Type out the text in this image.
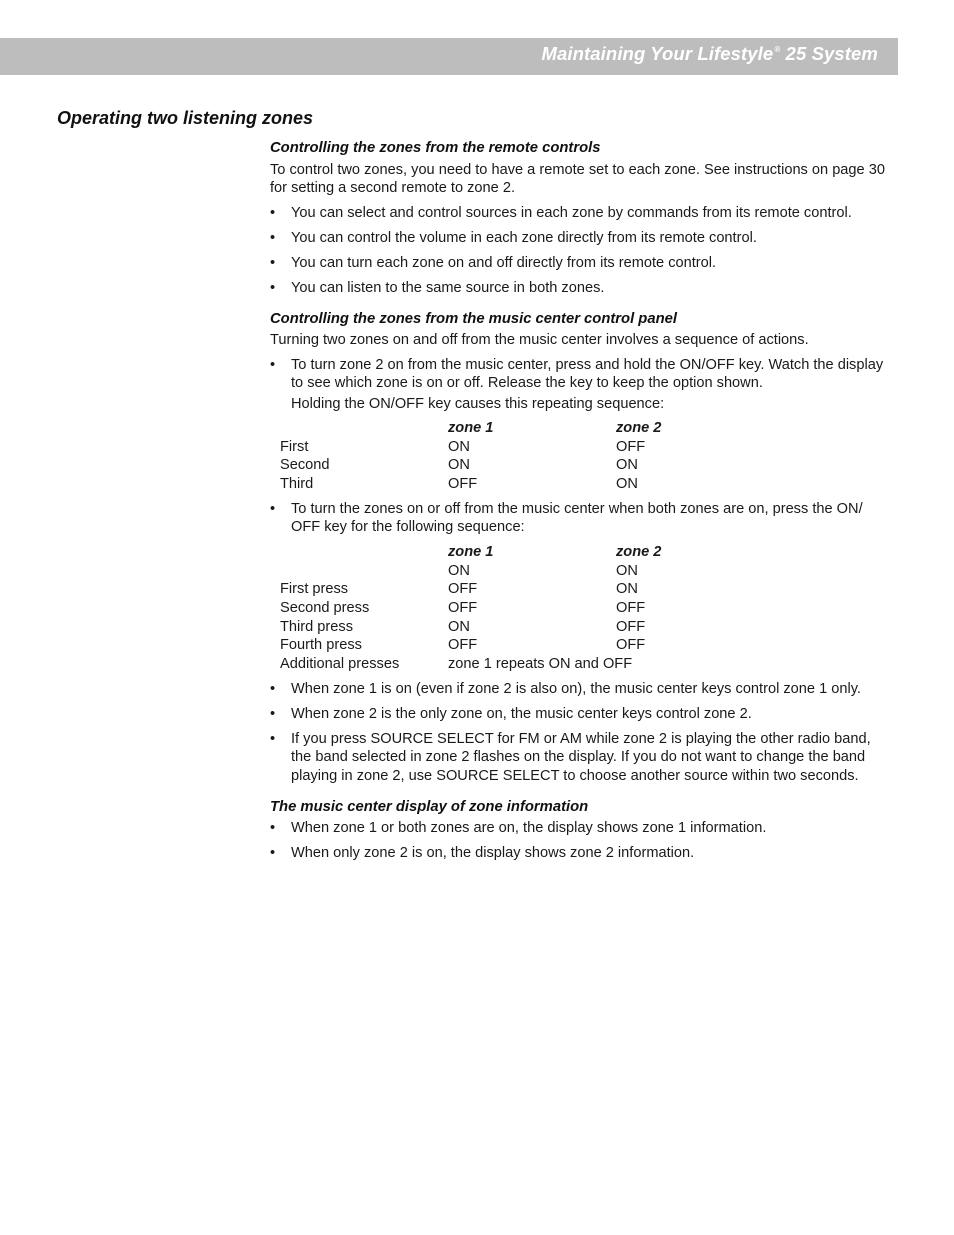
Maintaining Your Lifestyle® 25 System
Operating two listening zones
Controlling the zones from the remote controls

To control two zones, you need to have a remote set to each zone. See instructions on page 30 for setting a second remote to zone 2.

• You can select and control sources in each zone by commands from its remote control.
• You can control the volume in each zone directly from its remote control.
• You can turn each zone on and off directly from its remote control.
• You can listen to the same source in both zones.
Controlling the zones from the music center control panel

Turning two zones on and off from the music center involves a sequence of actions.

• To turn zone 2 on from the music center, press and hold the ON/OFF key. Watch the display to see which zone is on or off. Release the key to keep the option shown.

Holding the ON/OFF key causes this repeating sequence:

	zone 1	zone 2
First	ON	OFF
Second	ON	ON
Third	OFF	ON
• To turn the zones on or off from the music center when both zones are on, press the ON/ OFF key for the following sequence:
	zone 1	zone 2
	ON	ON
First press	OFF	ON
Second press	OFF	OFF
Third press	ON	OFF
Fourth press	OFF	OFF
Additional presses	zone 1 repeats ON and OFF	
• When zone 1 is on (even if zone 2 is also on), the music center keys control zone 1 only.
• When zone 2 is the only zone on, the music center keys control zone 2.
• If you press SOURCE SELECT for FM or AM while zone 2 is playing the other radio band, the band selected in zone 2 flashes on the display. If you do not want to change the band playing in zone 2, use SOURCE SELECT to choose another source within two seconds.
The music center display of zone information
• When zone 1 or both zones are on, the display shows zone 1 information.
• When only zone 2 is on, the display shows zone 2 information.
